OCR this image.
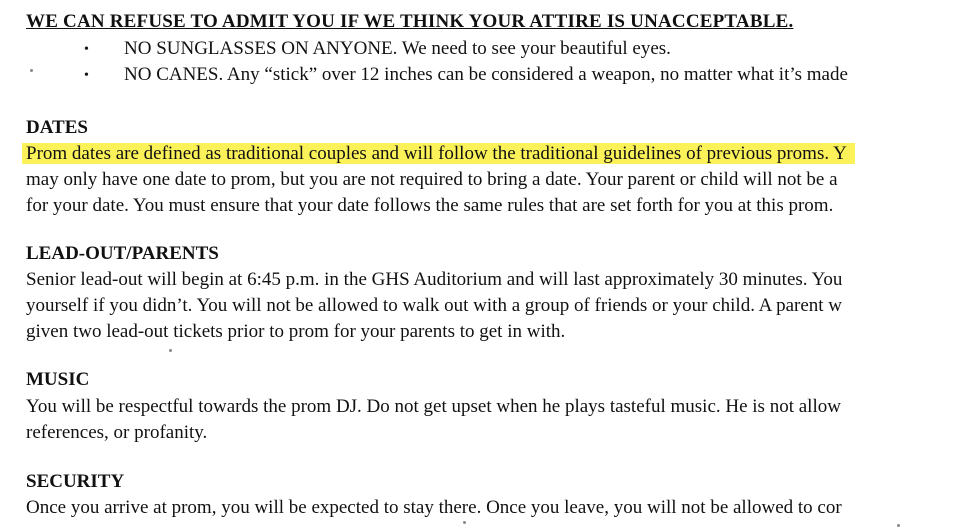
WE CAN REFUSE TO ADMIT YOU IF WE THINK YOUR ATTIRE IS UNACCEPTABLE.
• NO SUNGLASSES ON ANYONE. We need to see your beautiful eyes.
• NO CANES. Any “stick” over 12 inches can be considered a weapon, no matter what it’s made
DATES
Prom dates are defined as traditional couples and will follow the traditional guidelines of previous proms. Y
may only have one date to prom, but you are not required to bring a date. Your parent or child will not be a
for your date. You must ensure that your date follows the same rules that are set forth for you at this prom.
LEAD-OUT/PARENTS
Senior lead-out will begin at 6:45 p.m. in the GHS Auditorium and will last approximately 30 minutes. You
yourself if you didn’t. You will not be allowed to walk out with a group of friends or your child. A parent w
given two lead-out tickets prior to prom for your parents to get in with.
MUSIC
You will be respectful towards the prom DJ. Do not get upset when he plays tasteful music. He is not allow
references, or profanity.
SECURITY
Once you arrive at prom, you will be expected to stay there. Once you leave, you will not be allowed to cor
